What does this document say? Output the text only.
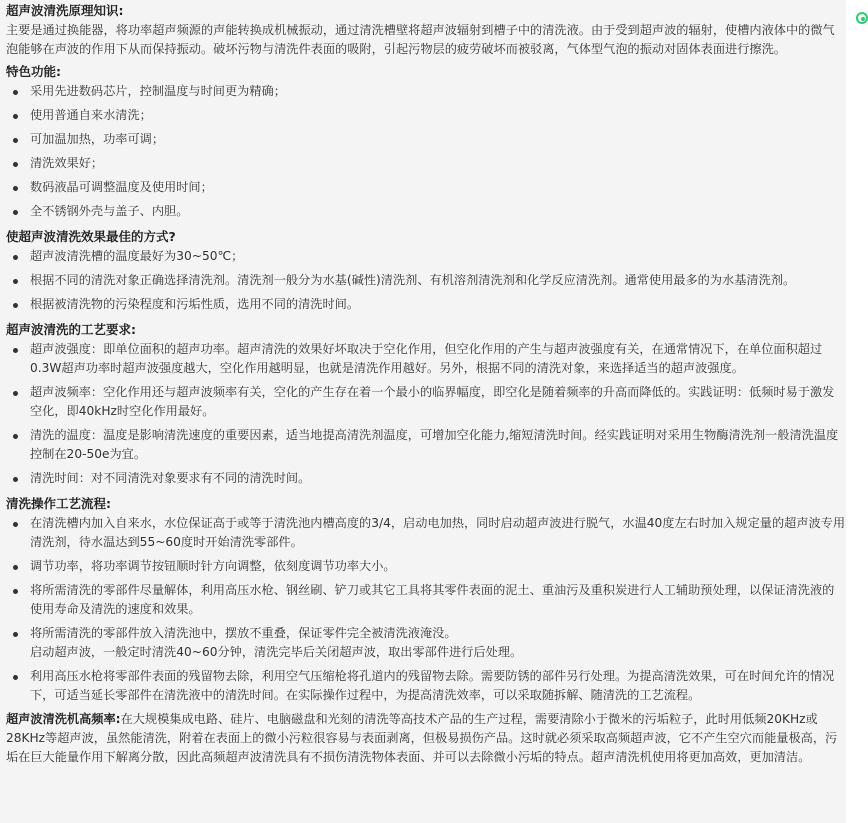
超声波清洗原理知识:

主要是通过换能器，将功率超声频源的声能转换成机械振动，通过清洗槽壁将超声波辐射到槽子中的清洗液。由于受到超声波的辐射，使槽内液体中的微气泡能够在声波的作用下从而保持振动。破坏污物与清洗件表面的吸附，引起污物层的疲劳破坏而被驳离，气体型气泡的振动对固体表面进行擦洗。

特色功能:
采用先进数码芯片，控制温度与时间更为精确；
使用普通自来水清洗；
可加温加热，功率可调；
清洗效果好；
数码液晶可调整温度及使用时间；
全不锈钢外壳与盖子、内胆。
使超声波清洗效果最佳的方式?
超声波清洗槽的温度最好为30~50℃；
根据不同的清洗对象正确选择清洗剂。清洗剂一般分为水基(碱性)清洗剂、有机溶剂清洗剂和化学反应清洗剂。通常使用最多的为水基清洗剂。
根据被清洗物的污染程度和污垢性质，选用不同的清洗时间。
超声波清洗的工艺要求:
超声波强度：即单位面积的超声功率。超声清洗的效果好坏取决于空化作用，但空化作用的产生与超声波强度有关，在通常情况下，在单位面积超过0.3W超声功率时超声波强度越大，空化作用越明显，也就是清洗作用越好。另外，根据不同的清洗对象，来选择适当的超声波强度。
超声波频率：空化作用还与超声波频率有关，空化的产生存在着一个最小的临界幅度，即空化是随着频率的升高而降低的。实践证明：低频时易于激发空化，即40kHz时空化作用最好。
清洗的温度：温度是影响清洗速度的重要因素，适当地提高清洗剂温度，可增加空化能力,缩短清洗时间。经实践证明对采用生物酶清洗剂一般清洗温度控制在20-50e为宜。
清洗时间：对不同清洗对象要求有不同的清洗时间。
清洗操作工艺流程:
在清洗槽内加入自来水，水位保证高于或等于清洗池内槽高度的3/4，启动电加热，同时启动超声波进行脱气，水温40度左右时加入规定量的超声波专用清洗剂，待水温达到55~60度时开始清洗零部件。
调节功率，将功率调节按钮顺时针方向调整，依刻度调节功率大小。
将所需清洗的零部件尽量解体，利用高压水枪、钢丝刷、铲刀或其它工具将其零件表面的泥土、重油污及重积炭进行人工辅助预处理，以保证清洗液的使用寿命及清洗的速度和效果。
将所需清洗的零部件放入清洗池中，摆放不重叠，保证零件完全被清洗液淹没。
启动超声波，一般定时清洗40~60分钟，清洗完毕后关闭超声波，取出零部件进行后处理。
利用高压水枪将零部件表面的残留物去除，利用空气压缩枪将孔道内的残留物去除。需要防锈的部件另行处理。为提高清洗效果，可在时间允许的情况下，可适当延长零部件在清洗液中的清洗时间。在实际操作过程中，为提高清洗效率，可以采取随拆解、随清洗的工艺流程。

超声波清洗机高频率:在大规模集成电路、硅片、电脑磁盘和光刻的清洗等高技术产品的生产过程，需要清除小于微米的污垢粒子，此时用低频20KHz或28KHz等超声波，虽然能清洗，附着在表面上的微小污粒很容易与表面剥离，但极易损伤产品。这时就必须采取高频超声波，它不产生空穴而能量极高，污垢在巨大能量作用下解离分散，因此高频超声波清洗具有不损伤清洗物体表面、并可以去除微小污垢的特点。超声清洗机使用将更加高效，更加清洁。
